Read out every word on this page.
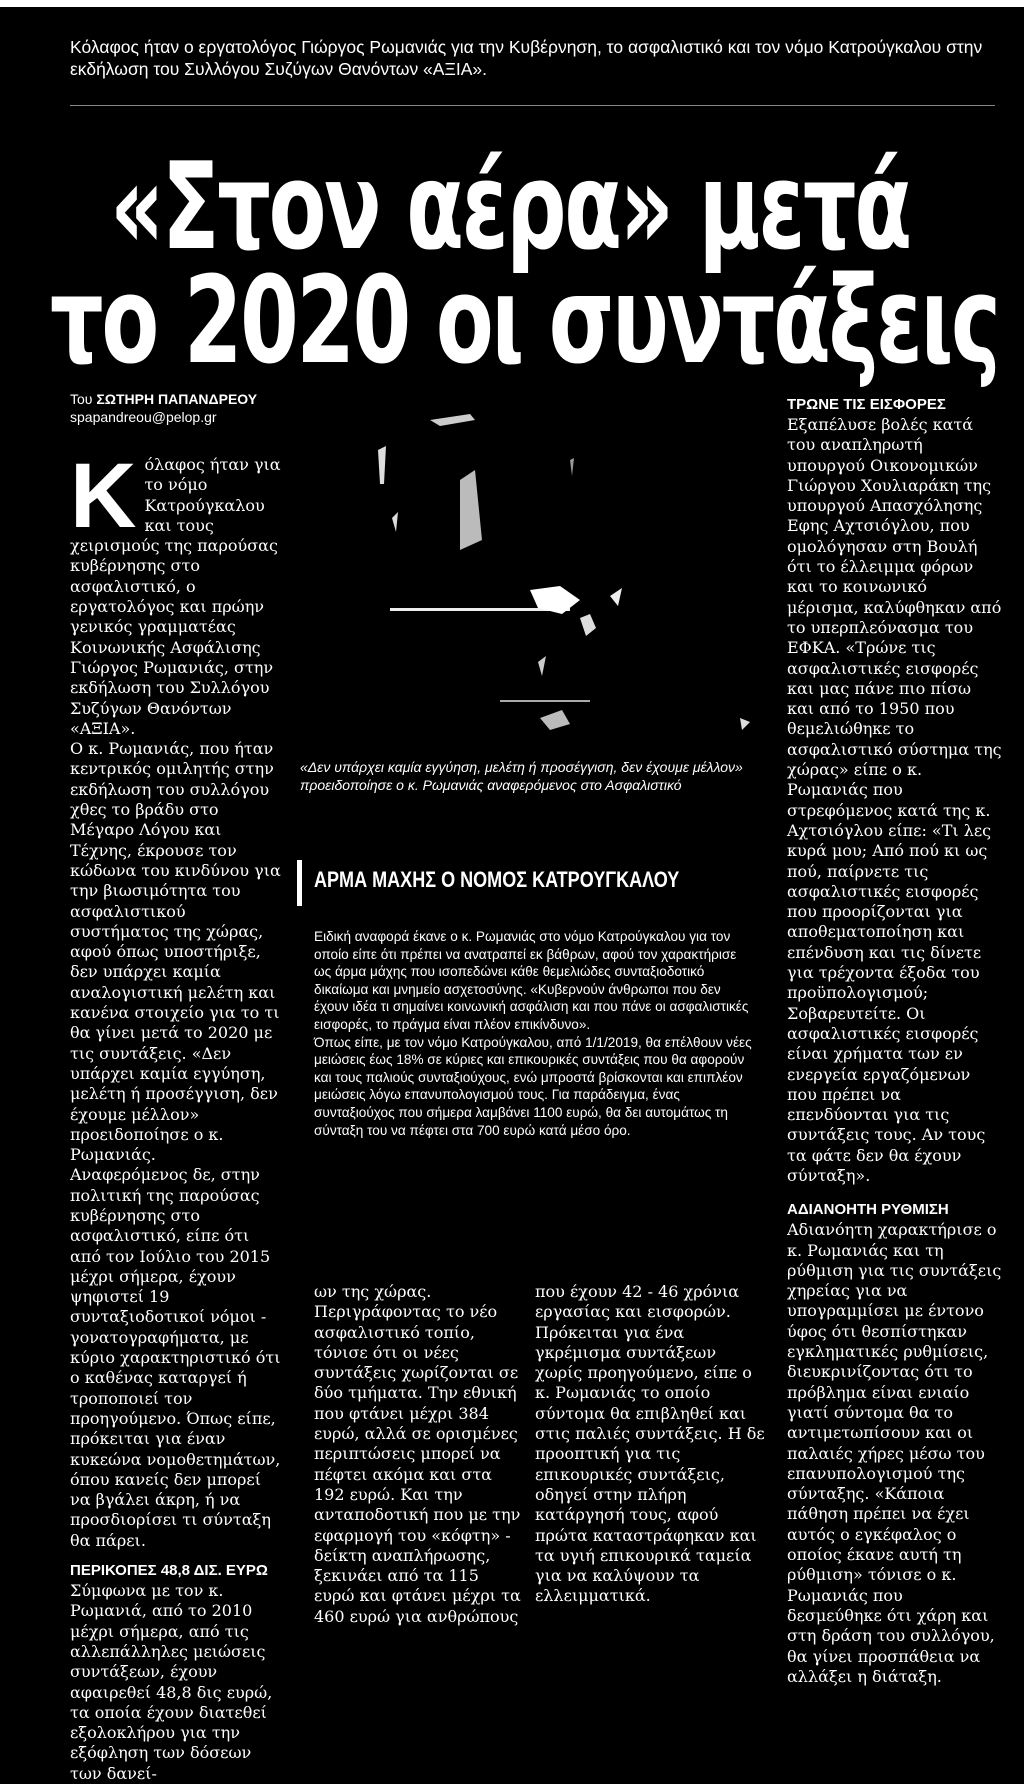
Κόλαφος ήταν ο εργατολόγος Γιώργος Ρωμανιάς για την Κυβέρνηση, το ασφαλιστικό και τον νόμο Κατρούγκαλου στην εκδήλωση του Συλλόγου Συζύγων Θανόντων «ΑΞΙΑ».
«Στον αέρα» μετά
το 2020 οι συντάξεις
Του ΣΩΤΗΡΗ ΠΑΠΑΝΔΡΕΟΥ
spapandreou@pelop.gr
Κ όλαφος ήταν για το νόμο Κατρούγκαλου και τους χειρισμούς της παρούσας κυβέρνησης στο ασφαλιστικό, ο εργατολόγος και πρώην γενικός γραμματέας Κοινωνικής Ασφάλισης Γιώργος Ρωμανιάς, στην εκδήλωση του Συλλόγου Συζύγων Θανόντων «ΑΞΙΑ».

Ο κ. Ρωμανιάς, που ήταν κεντρικός ομιλητής στην εκδήλωση του συλλόγου χθες το βράδυ στο Μέγαρο Λόγου και Τέχνης, έκρουσε τον κώδωνα του κινδύνου για την βιωσιμότητα του ασφαλιστικού συστήματος της χώρας, αφού όπως υποστήριξε, δεν υπάρχει καμία αναλογιστική μελέτη και κανένα στοιχείο για το τι θα γίνει μετά το 2020 με τις συντάξεις. «Δεν υπάρχει καμία εγγύηση, μελέτη ή προσέγγιση, δεν έχουμε μέλλον» προειδοποίησε ο κ. Ρωμανιάς.

Αναφερόμενος δε, στην πολιτική της παρούσας κυβέρνησης στο ασφαλιστικό, είπε ότι από τον Ιούλιο του 2015 μέχρι σήμερα, έχουν ψηφιστεί 19 συνταξιοδοτικοί νόμοι - γονατογραφήματα, με κύριο χαρακτηριστικό ότι ο καθένας καταργεί ή τροποποιεί τον προηγούμενο. Όπως είπε, πρόκειται για έναν κυκεώνα νομοθετημάτων, όπου κανείς δεν μπορεί να βγάλει άκρη, ή να προσδιορίσει τι σύνταξη θα πάρει.

ΠΕΡΙΚΟΠΕΣ 48,8 ΔΙΣ. ΕΥΡΩ

Σύμφωνα με τον κ. Ρωμανιά, από το 2010 μέχρι σήμερα, από τις αλλεπάλληλες μειώσεις συντάξεων, έχουν αφαιρεθεί 48,8 δις ευρώ, τα οποία έχουν διατεθεί εξολοκλήρου για την εξόφληση των δόσεων των δανεί-

«Δεν υπάρχει καμία εγγύηση, μελέτη ή προσέγγιση, δεν έχουμε μέλλον» προειδοποίησε ο κ. Ρωμανιάς αναφερόμενος στο Ασφαλιστικό
ΑΡΜΑ ΜΑΧΗΣ Ο ΝΟΜΟΣ ΚΑΤΡΟΥΓΚΑΛΟΥ
Ειδική αναφορά έκανε ο κ. Ρωμανιάς στο νόμο Κατρούγκαλου για τον οποίο είπε ότι πρέπει να ανατραπεί εκ βάθρων, αφού τον χαρακτήρισε ως άρμα μάχης που ισοπεδώνει κάθε θεμελιώδες συνταξιοδοτικό δικαίωμα και μνημείο ασχετοσύνης. «Κυβερνούν άνθρωποι που δεν έχουν ιδέα τι σημαίνει κοινωνική ασφάλιση και που πάνε οι ασφαλιστικές εισφορές, το πράγμα είναι πλέον επικίνδυνο».
Όπως είπε, με τον νόμο Κατρούγκαλου, από 1/1/2019, θα επέλθουν νέες μειώσεις έως 18% σε κύριες και επικουρικές συντάξεις που θα αφορούν και τους παλιούς συνταξιούχους, ενώ μπροστά βρίσκονται και επιπλέον μειώσεις λόγω επανυπολογισμού τους. Για παράδειγμα, ένας συνταξιούχος που σήμερα λαμβάνει 1100 ευρώ, θα δει αυτομάτως τη σύνταξη του να πέφτει στα 700 ευρώ κατά μέσο όρο.
ων της χώρας. Περιγράφοντας το νέο ασφαλιστικό τοπίο, τόνισε ότι οι νέες συντάξεις χωρίζονται σε δύο τμήματα. Την εθνική που φτάνει μέχρι 384 ευρώ, αλλά σε ορισμένες περιπτώσεις μπορεί να πέφτει ακόμα και στα 192 ευρώ. Και την ανταποδοτική που με την εφαρμογή του «κόφτη» - δείκτη αναπλήρωσης, ξεκινάει από τα 115 ευρώ και φτάνει μέχρι τα 460 ευρώ για ανθρώπους
που έχουν 42 - 46 χρόνια εργασίας και εισφορών. Πρόκειται για ένα γκρέμισμα συντάξεων χωρίς προηγούμενο, είπε ο κ. Ρωμανιάς το οποίο σύντομα θα επιβληθεί και στις παλιές συντάξεις. Η δε προοπτική για τις επικουρικές συντάξεις, οδηγεί στην πλήρη κατάργησή τους, αφού πρώτα καταστράφηκαν και τα υγιή επικουρικά ταμεία για να καλύψουν τα ελλειμματικά.
ΤΡΩΝΕ ΤΙΣ ΕΙΣΦΟΡΕΣ
Εξαπέλυσε βολές κατά του αναπληρωτή υπουργού Οικονομικών Γιώργου Χουλιαράκη της υπουργού Απασχόλησης Εφης Αχτσιόγλου, που ομολόγησαν στη Βουλή ότι το έλλειμμα φόρων και το κοινωνικό μέρισμα, καλύφθηκαν από το υπερπλεόνασμα του ΕΦΚΑ. «Τρώνε τις ασφαλιστικές εισφορές και μας πάνε πιο πίσω και από το 1950 που θεμελιώθηκε το ασφαλιστικό σύστημα της χώρας» είπε ο κ. Ρωμανιάς που στρεφόμενος κατά της κ. Αχτσιόγλου είπε: «Τι λες κυρά μου; Από πού κι ως πού, παίρνετε τις ασφαλιστικές εισφορές που προορίζονται για αποθεματοποίηση και επένδυση και τις δίνετε για τρέχοντα έξοδα του προϋπολογισμού; Σοβαρευτείτε. Οι ασφαλιστικές εισφορές είναι χρήματα των εν ενεργεία εργαζόμενων που πρέπει να επενδύονται για τις συντάξεις τους. Αν τους τα φάτε δεν θα έχουν σύνταξη».
ΑΔΙΑΝΟΗΤΗ ΡΥΘΜΙΣΗ
Αδιανόητη χαρακτήρισε ο κ. Ρωμανιάς και τη ρύθμιση για τις συντάξεις χηρείας για να υπογραμμίσει με έντονο ύφος ότι θεσπίστηκαν εγκληματικές ρυθμίσεις, διευκρινίζοντας ότι το πρόβλημα είναι ενιαίο γιατί σύντομα θα το αντιμετωπίσουν και οι παλαιές χήρες μέσω του επανυπολογισμού της σύνταξης. «Κάποια πάθηση πρέπει να έχει αυτός ο εγκέφαλος ο οποίος έκανε αυτή τη ρύθμιση» τόνισε ο κ. Ρωμανιάς που δεσμεύθηκε ότι χάρη και στη δράση του συλλόγου, θα γίνει προσπάθεια να αλλάξει η διάταξη.
